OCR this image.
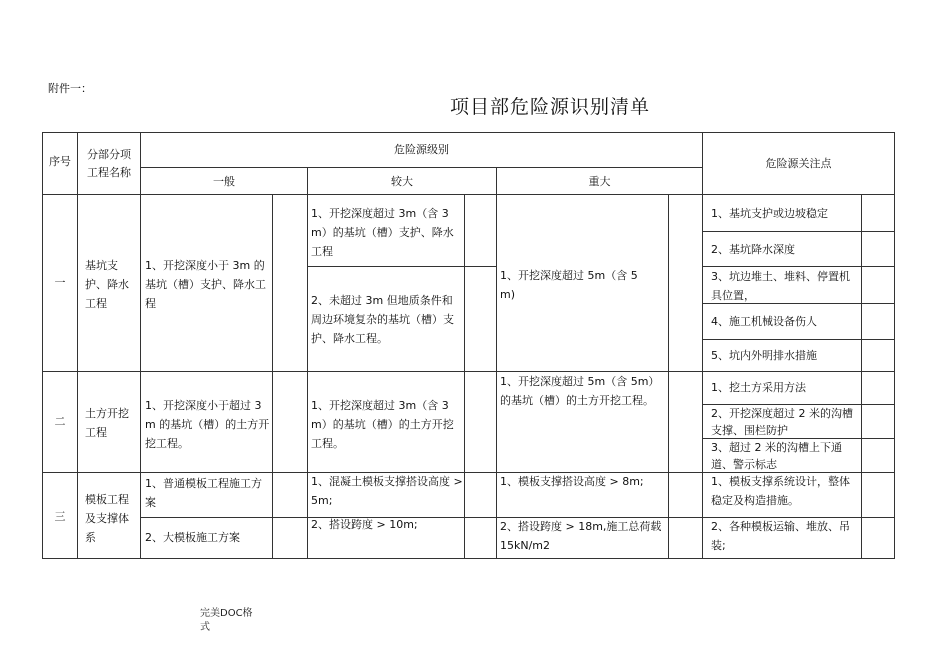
附件一：
项目部危险源识别清单
序号
分部分项工程名称
危险源级别
一般	较大	重大
危险源关注点
一
基坑支护、降水工程
1、开挖深度小于 3m 的基坑（槽）支护、降水工程
1、开挖深度超过 3m（含 3m）的基坑（槽）支护、降水工程
2、未超过 3m 但地质条件和周边环境复杂的基坑（槽）支护、降水工程。
1、开挖深度超过 5m（含 5m)
1、基坑支护或边坡稳定
2、基坑降水深度
3、坑边堆土、堆料、停置机具位置，
4、施工机械设备伤人
5、坑内外明排水措施
二
土方开挖工程
1、开挖深度小于超过 3m 的基坑（槽）的土方开挖工程。
1、开挖深度超过 3m（含 3m）的基坑（槽）的土方开挖工程。
1、开挖深度超过 5m（含 5m）的基坑（槽）的土方开挖工程。
1、挖土方采用方法
2、开挖深度超过 2 米的沟槽支撑、围栏防护
3、超过 2 米的沟槽上下通道、警示标志
三
模板工程及支撑体系
1、普通模板工程施工方案
2、大模板施工方案
1、混凝土模板支撑搭设高度 > 5m;
2、搭设跨度 > 10m;
1、模板支撑搭设高度 > 8m;
2、搭设跨度 > 18m,施工总荷载 15kN/m2
1、模板支撑系统设计，整体稳定及构造措施。
2、各种模板运输、堆放、吊装;
完美DOC格式
